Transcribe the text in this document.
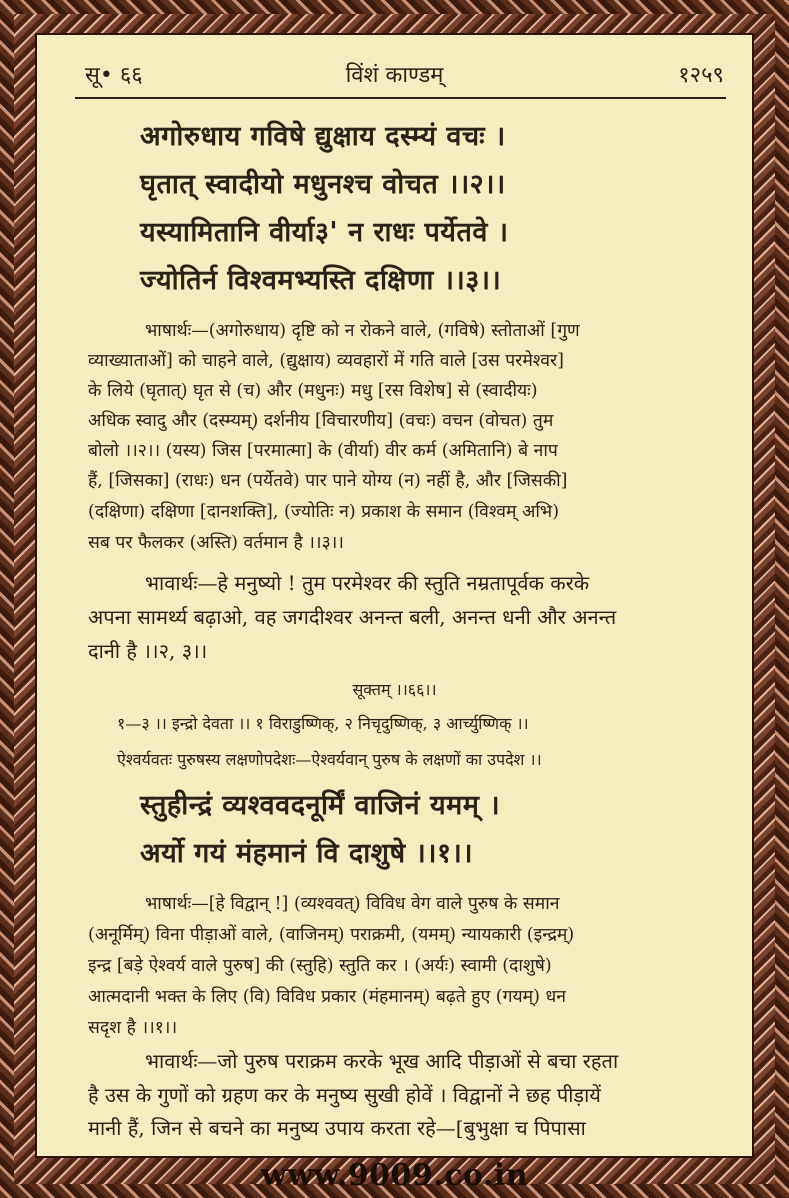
सू• ६६	विंशं काण्डम्	१२५९
अगोरुधाय गविषे द्युक्षाय दस्म्यं वचः ।
घृतात् स्वादीयो मधुनश्च वोचत ।।२।।
यस्यामितानि वीर्या३' न राधः पर्येतवे ।
ज्योतिर्न विश्वमभ्यस्ति दक्षिणा ।।३।।
भाषार्थः—(अगोरुधाय) दृष्टि को न रोकने वाले, (गविषे) स्तोताओं [गुण
व्याख्याताओं] को चाहने वाले, (द्युक्षाय) व्यवहारों में गति वाले [उस परमेश्वर]
के लिये (घृतात्) घृत से (च) और (मधुनः) मधु [रस विशेष] से (स्वादीयः)
अधिक स्वादु और (दस्म्यम्) दर्शनीय [विचारणीय] (वचः) वचन (वोचत) तुम
बोलो ।।२।। (यस्य) जिस [परमात्मा] के (वीर्या) वीर कर्म (अमितानि) बे नाप
हैं, [जिसका] (राधः) धन (पर्येतवे) पार पाने योग्य (न) नहीं है, और [जिसकी]
(दक्षिणा) दक्षिणा [दानशक्ति], (ज्योतिः न) प्रकाश के समान (विश्वम् अभि)
सब पर फैलकर (अस्ति) वर्तमान है ।।३।।
भावार्थः—हे मनुष्यो ! तुम परमेश्वर की स्तुति नम्रतापूर्वक करके
अपना सामर्थ्य बढ़ाओ, वह जगदीश्वर अनन्त बली, अनन्त धनी और अनन्त
दानी है ।।२, ३।।
सूक्तम् ।।६६।।
१—३ ।। इन्द्रो देवता ।। १ विराडुष्णिक्, २ निचृदुष्णिक्, ३ आर्च्युष्णिक् ।।
ऐश्वर्यवतः पुरुषस्य लक्षणोपदेशः—ऐश्वर्यवान् पुरुष के लक्षणों का उपदेश ।।
स्तुहीन्द्रं व्यश्ववदनूर्मिं वाजिनं यमम् ।
अर्यो गयं मंहमानं वि दाशुषे ।।१।।
भाषार्थः—[हे विद्वान् !] (व्यश्ववत्) विविध वेग वाले पुरुष के समान
(अनूर्मिम्) विना पीड़ाओं वाले, (वाजिनम्) पराक्रमी, (यमम्) न्यायकारी (इन्द्रम्)
इन्द्र [बड़े ऐश्वर्य वाले पुरुष] की (स्तुहि) स्तुति कर । (अर्यः) स्वामी (दाशुषे)
आत्मदानी भक्त के लिए (वि) विविध प्रकार (मंहमानम्) बढ़ते हुए (गयम्) धन
सदृश है ।।१।।
भावार्थः—जो पुरुष पराक्रम करके भूख आदि पीड़ाओं से बचा रहता
है उस के गुणों को ग्रहण कर के मनुष्य सुखी होवें । विद्वानों ने छह पीड़ायें
मानी हैं, जिन से बचने का मनुष्य उपाय करता रहे—[बुभुक्षा च पिपासा
www.9009.co.in
